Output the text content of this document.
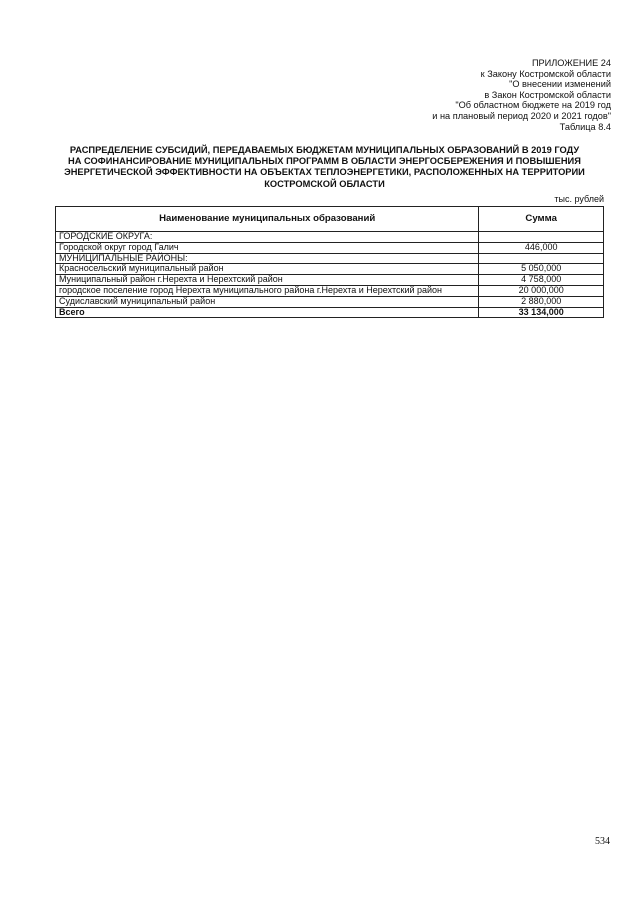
ПРИЛОЖЕНИЕ 24
к Закону Костромской области
"О внесении изменений
в Закон Костромской области
"Об областном бюджете на 2019 год
и на плановый период 2020 и 2021 годов"
Таблица 8.4
РАСПРЕДЕЛЕНИЕ СУБСИДИЙ, ПЕРЕДАВАЕМЫХ БЮДЖЕТАМ МУНИЦИПАЛЬНЫХ ОБРАЗОВАНИЙ В 2019 ГОДУ
НА СОФИНАНСИРОВАНИЕ МУНИЦИПАЛЬНЫХ ПРОГРАММ В ОБЛАСТИ ЭНЕРГОСБЕРЕЖЕНИЯ И ПОВЫШЕНИЯ
ЭНЕРГЕТИЧЕСКОЙ ЭФФЕКТИВНОСТИ НА ОБЪЕКТАХ ТЕПЛОЭНЕРГЕТИКИ, РАСПОЛОЖЕННЫХ НА ТЕРРИТОРИИ
КОСТРОМСКОЙ ОБЛАСТИ
тыс. рублей
Наименование муниципальных образований	Сумма
ГОРОДСКИЕ ОКРУГА:	
Городской округ город Галич	446,000
МУНИЦИПАЛЬНЫЕ РАЙОНЫ:	
Красносельский муниципальный район	5 050,000
Муниципальный район г.Нерехта и Нерехтский район	4 758,000
городское поселение город Нерехта муниципального района г.Нерехта и Нерехтский район	20 000,000
Судиславский муниципальный район	2 880,000
Всего	33 134,000
534
